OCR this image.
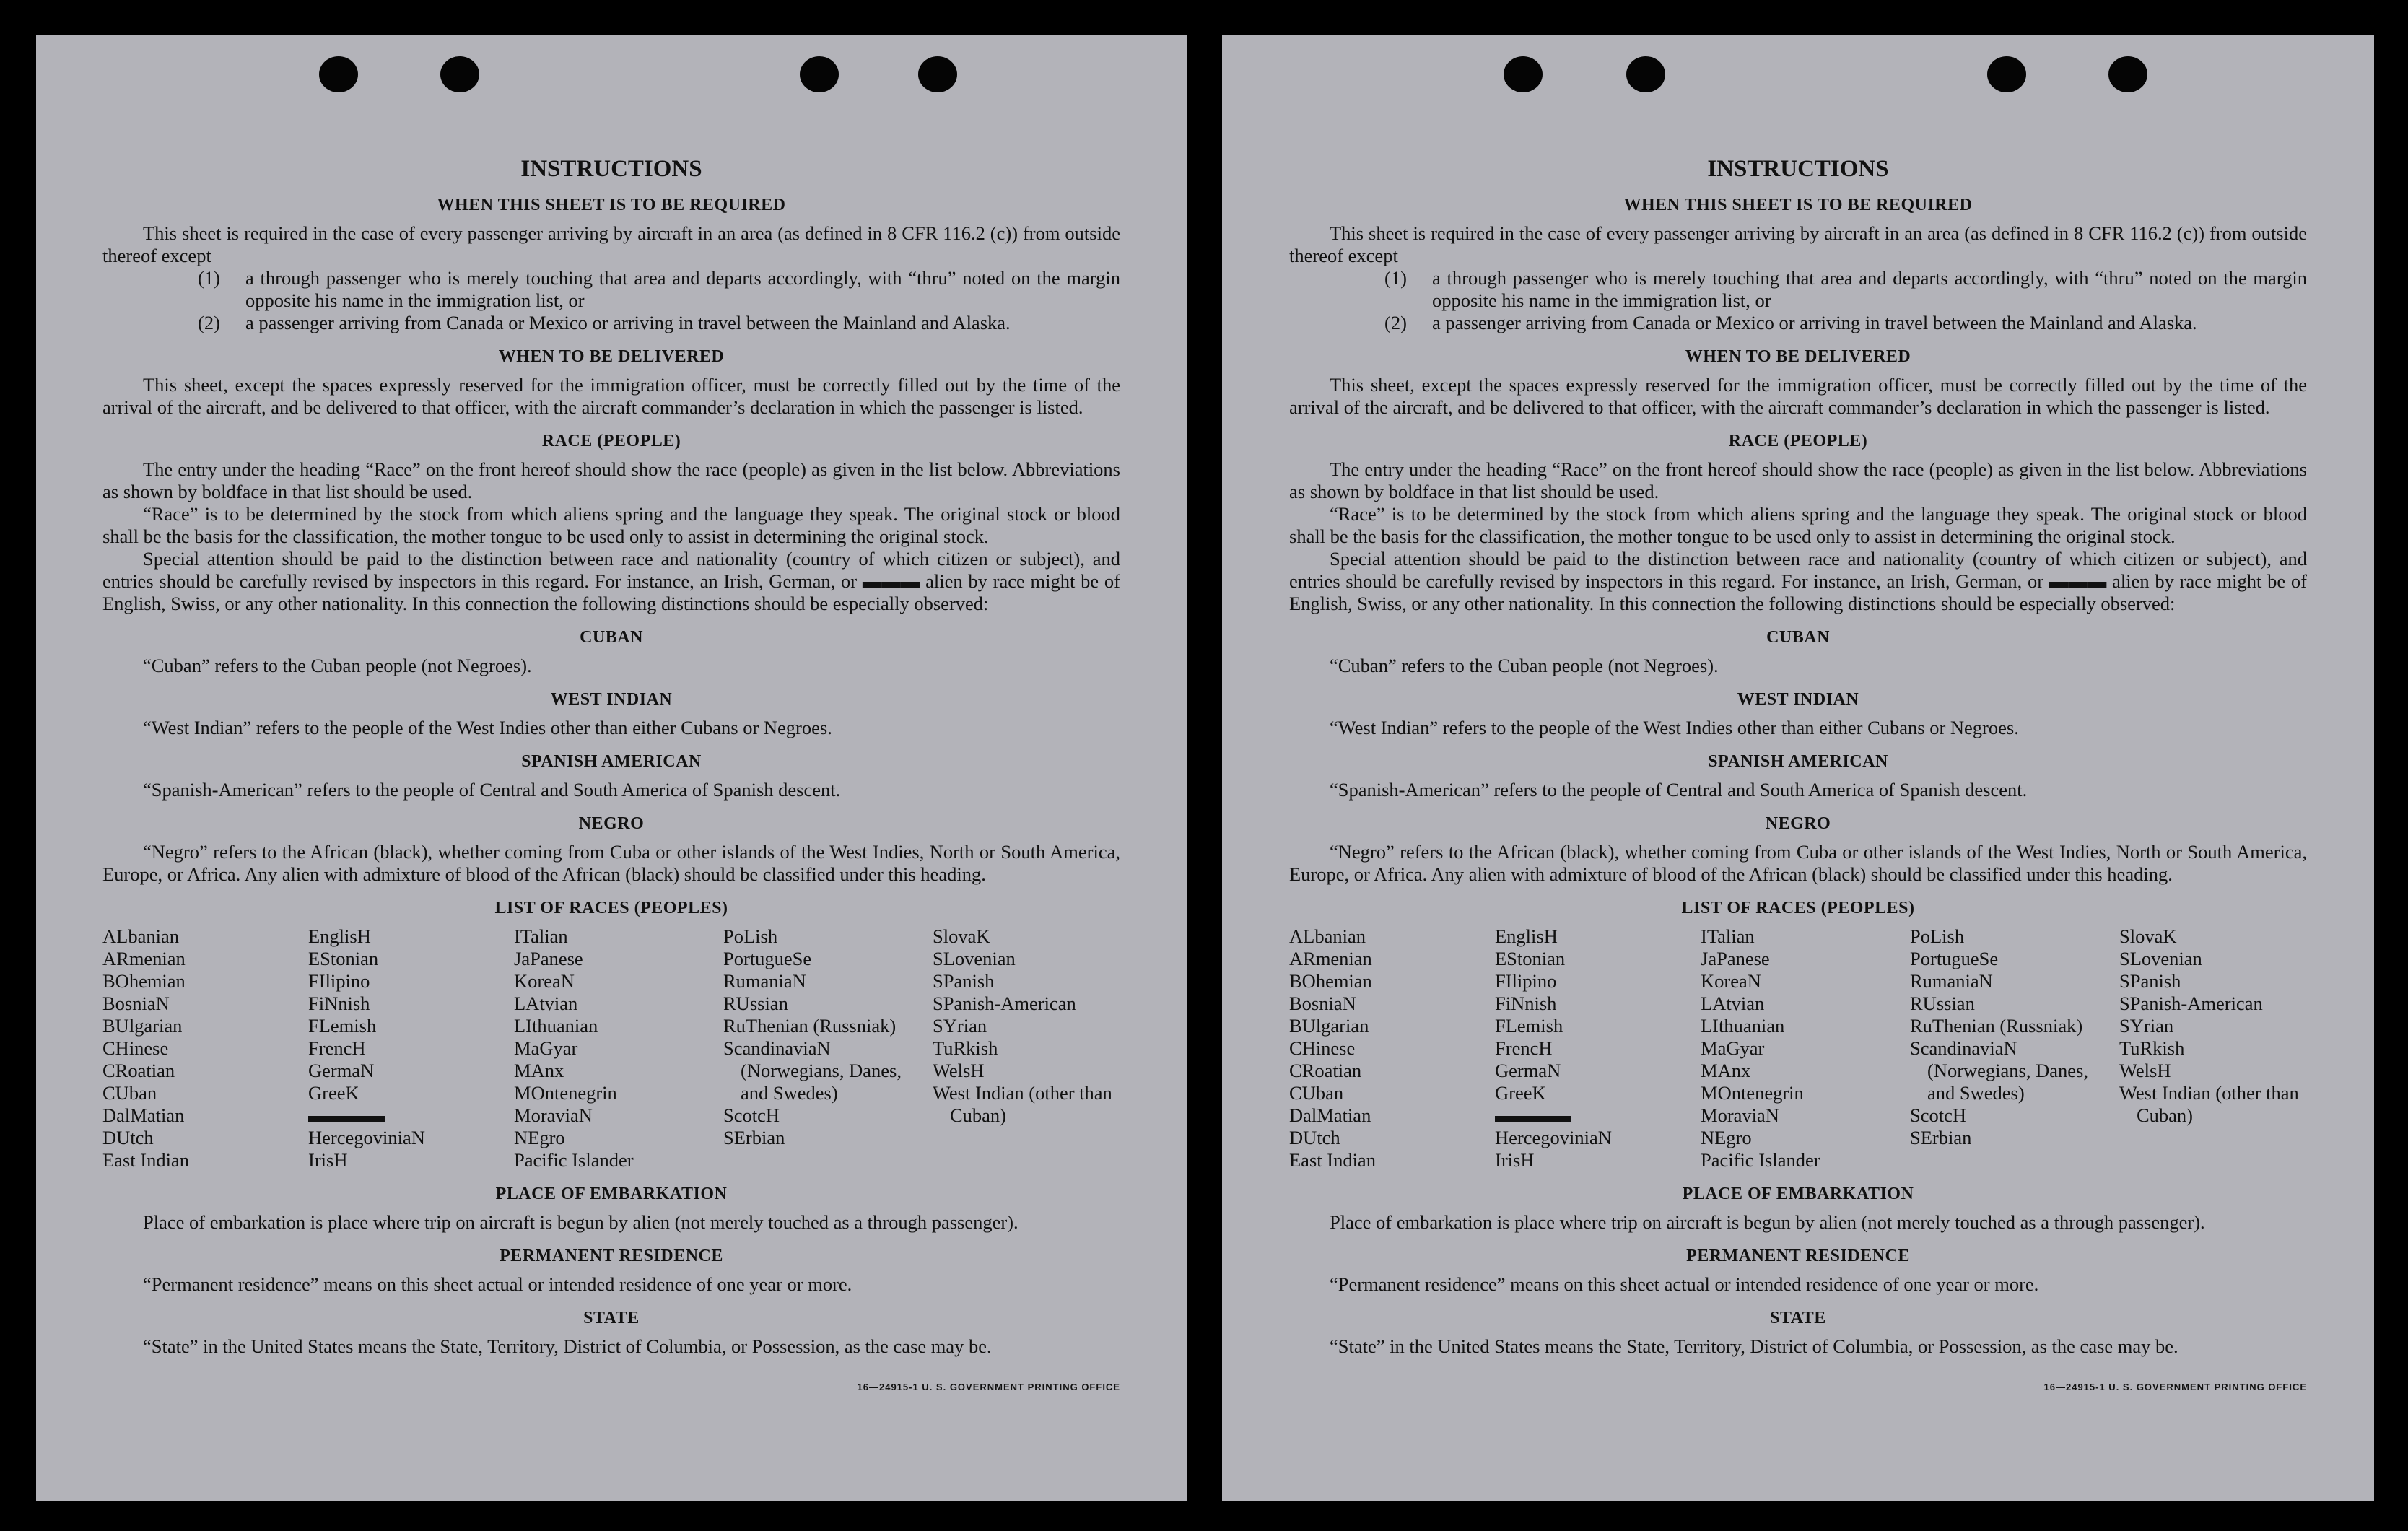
INSTRUCTIONS
WHEN THIS SHEET IS TO BE REQUIRED

This sheet is required in the case of every passenger arriving by aircraft in an area (as defined in 8 CFR 116.2 (c)) from outside thereof except

(1) a through passenger who is merely touching that area and departs accordingly, with “thru” noted on the margin opposite his name in the immigration list, or

(2) a passenger arriving from Canada or Mexico or arriving in travel between the Mainland and Alaska.

WHEN TO BE DELIVERED

This sheet, except the spaces expressly reserved for the immigration officer, must be correctly filled out by the time of the arrival of the aircraft, and be delivered to that officer, with the aircraft commander’s declaration in which the passenger is listed.

RACE (PEOPLE)

The entry under the heading “Race” on the front hereof should show the race (people) as given in the list below. Abbreviations as shown by boldface in that list should be used.

“Race” is to be determined by the stock from which aliens spring and the language they speak. The original stock or blood shall be the basis for the classification, the mother tongue to be used only to assist in determining the original stock.

Special attention should be paid to the distinction between race and nationality (country of which citizen or subject), and entries should be carefully revised by inspectors in this regard. For instance, an Irish, German, or ▬▬▬ alien by race might be of English, Swiss, or any other nationality. In this connection the following distinctions should be especially observed:

CUBAN

“Cuban” refers to the Cuban people (not Negroes).

WEST INDIAN

“West Indian” refers to the people of the West Indies other than either Cubans or Negroes.

SPANISH AMERICAN

“Spanish-American” refers to the people of Central and South America of Spanish descent.

NEGRO

“Negro” refers to the African (black), whether coming from Cuba or other islands of the West Indies, North or South America, Europe, or Africa. Any alien with admixture of blood of the African (black) should be classified under this heading.

LIST OF RACES (PEOPLES)
ALbanian
ARmenian
BOhemian
BosniaN
BUlgarian
CHinese
CRoatian
CUban
DalMatian
DUtch
East Indian
EnglisH
EStonian
FIlipino
FiNnish
FLemish
FrencH
GermaN
GreeK
▬▬▬▬
HercegoviniaN
IrisH
ITalian
JaPanese
KoreaN
LAtvian
LIthuanian
MaGyar
MAnx
MOntenegrin
MoraviaN
NEgro
Pacific Islander
PoLish
PortugueSe
RumaniaN
RUssian
RuThenian (Russniak)
ScandinaviaN (Norwegians, Danes, and Swedes)
ScotcH
SErbian
SlovaK
SLovenian
SPanish
SPanish-American
SYrian
TuRkish
WelsH
West Indian (other than Cuban)
PLACE OF EMBARKATION

Place of embarkation is place where trip on aircraft is begun by alien (not merely touched as a through passenger).

PERMANENT RESIDENCE

“Permanent residence” means on this sheet actual or intended residence of one year or more.

STATE

“State” in the United States means the State, Territory, District of Columbia, or Possession, as the case may be.

16—24915-1 U. S. GOVERNMENT PRINTING OFFICE
INSTRUCTIONS
WHEN THIS SHEET IS TO BE REQUIRED

This sheet is required in the case of every passenger arriving by aircraft in an area (as defined in 8 CFR 116.2 (c)) from outside thereof except

(1) a through passenger who is merely touching that area and departs accordingly, with “thru” noted on the margin opposite his name in the immigration list, or

(2) a passenger arriving from Canada or Mexico or arriving in travel between the Mainland and Alaska.

WHEN TO BE DELIVERED

This sheet, except the spaces expressly reserved for the immigration officer, must be correctly filled out by the time of the arrival of the aircraft, and be delivered to that officer, with the aircraft commander’s declaration in which the passenger is listed.

RACE (PEOPLE)

The entry under the heading “Race” on the front hereof should show the race (people) as given in the list below. Abbreviations as shown by boldface in that list should be used.

“Race” is to be determined by the stock from which aliens spring and the language they speak. The original stock or blood shall be the basis for the classification, the mother tongue to be used only to assist in determining the original stock.

Special attention should be paid to the distinction between race and nationality (country of which citizen or subject), and entries should be carefully revised by inspectors in this regard. For instance, an Irish, German, or ▬▬▬ alien by race might be of English, Swiss, or any other nationality. In this connection the following distinctions should be especially observed:

CUBAN

“Cuban” refers to the Cuban people (not Negroes).

WEST INDIAN

“West Indian” refers to the people of the West Indies other than either Cubans or Negroes.

SPANISH AMERICAN

“Spanish-American” refers to the people of Central and South America of Spanish descent.

NEGRO

“Negro” refers to the African (black), whether coming from Cuba or other islands of the West Indies, North or South America, Europe, or Africa. Any alien with admixture of blood of the African (black) should be classified under this heading.

LIST OF RACES (PEOPLES)
ALbanian
ARmenian
BOhemian
BosniaN
BUlgarian
CHinese
CRoatian
CUban
DalMatian
DUtch
East Indian
EnglisH
EStonian
FIlipino
FiNnish
FLemish
FrencH
GermaN
GreeK
▬▬▬▬
HercegoviniaN
IrisH
ITalian
JaPanese
KoreaN
LAtvian
LIthuanian
MaGyar
MAnx
MOntenegrin
MoraviaN
NEgro
Pacific Islander
PoLish
PortugueSe
RumaniaN
RUssian
RuThenian (Russniak)
ScandinaviaN (Norwegians, Danes, and Swedes)
ScotcH
SErbian
SlovaK
SLovenian
SPanish
SPanish-American
SYrian
TuRkish
WelsH
West Indian (other than Cuban)
PLACE OF EMBARKATION

Place of embarkation is place where trip on aircraft is begun by alien (not merely touched as a through passenger).

PERMANENT RESIDENCE

“Permanent residence” means on this sheet actual or intended residence of one year or more.

STATE

“State” in the United States means the State, Territory, District of Columbia, or Possession, as the case may be.

16—24915-1 U. S. GOVERNMENT PRINTING OFFICE
